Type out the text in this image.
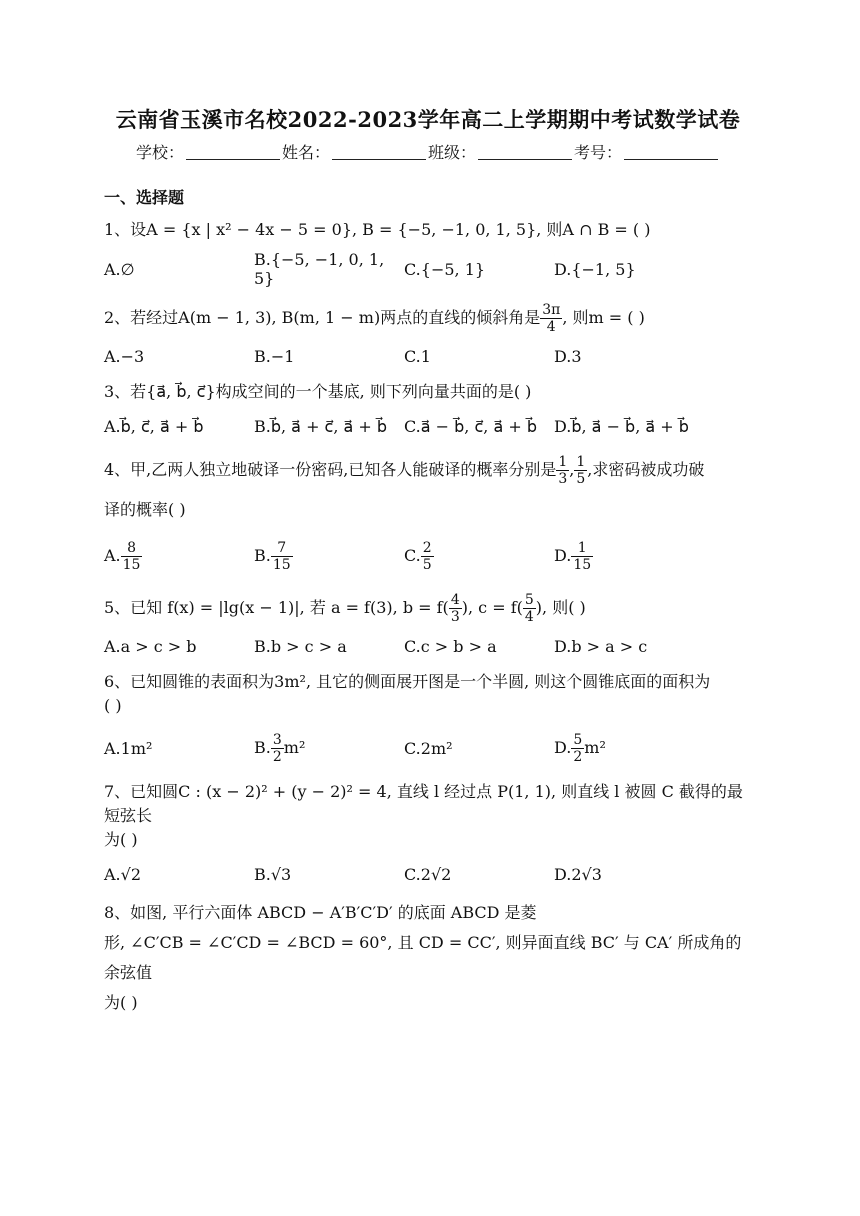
云南省玉溪市名校2022-2023学年高二上学期期中考试数学试卷
学校：	姓名：	班级：	考号：
一、选择题
1、设A = {x | x² − 4x − 5 = 0}, B = {−5, −1, 0, 1, 5}, 则A ∩ B = ( )
A.∅	B.{−5, −1, 0, 1, 5}	C.{−5, 1}	D.{−1, 5}
2、若经过A(m − 1, 3), B(m, 1 − m)两点的直线的倾斜角是 $\frac{3\pi}{4}$ , 则m = ( )
A.−3	B.−1	C.1	D.3
3、若{a⃗, b⃗, c⃗}构成空间的一个基底, 则下列向量共面的是( )
A.b⃗, c⃗, a⃗ + b⃗	B.b⃗, a⃗ + c⃗, a⃗ + b⃗	C.a⃗ − b⃗, c⃗, a⃗ + b⃗	D.b⃗, a⃗ − b⃗, a⃗ + b⃗
4、甲,乙两人独立地破译一份密码,已知各人能破译的概率分别是 $\frac{1}{3}$ , $\frac{1}{5}$ ,求密码被成功破
译的概率( )
A. $\frac{8}{15}$	B. $\frac{7}{15}$	C. $\frac{2}{5}$	D. $\frac{1}{15}$
5、已知 f(x) = |lg(x − 1)|, 若 a = f(3), $b = f( \frac{4}{3}$ ), $c = f( \frac{5}{4}$ ), 则( )
A.a > c > b	B.b > c > a	C.c > b > a	D.b > a > c
6、已知圆锥的表面积为3m², 且它的侧面展开图是一个半圆, 则这个圆锥底面的面积为
( )
A.1m²	B. $\frac{3}{2} m^2$	C.2m²	D. $\frac{5}{2} m^2$
7、已知圆C : (x − 2)² + (y − 2)² = 4, 直线 l 经过点 P(1, 1), 则直线 l 被圆 C 截得的最短弦长
为( )
A.√2	B.√3	C.2√2	D.2√3
8、如图, 平行六面体 ABCD − A′B′C′D′ 的底面 ABCD 是菱
形, ∠C′CB = ∠C′CD = ∠BCD = 60°, 且 CD = CC′, 则异面直线 BC′ 与 CA′ 所成角的余弦值
为( )
